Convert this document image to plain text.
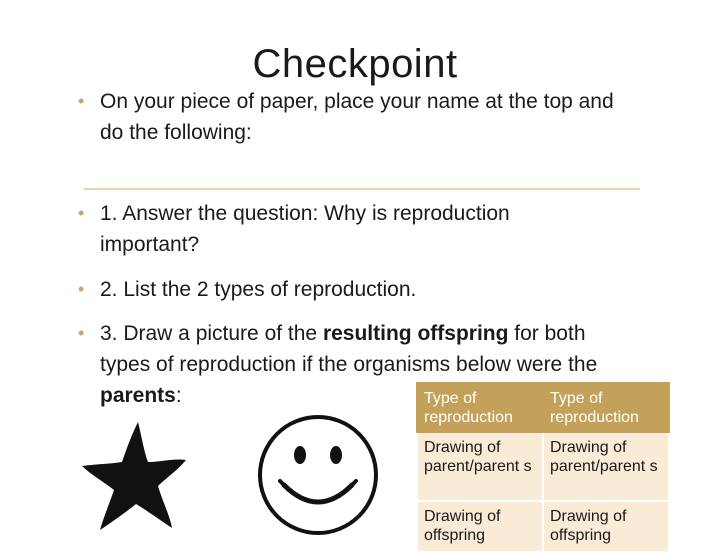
Checkpoint
• On your piece of paper, place your name at the top and do the following:
• 1. Answer the question: Why is reproduction important?
• 2. List the 2 types of reproduction.
• 3. Draw a picture of the resulting offspring for both types of reproduction if the organisms below were the parents:	Type of reproduction	Type of reproduction
Drawing of parent/parent s	Drawing of parent/parent s
Drawing of offspring	Drawing of offspring
